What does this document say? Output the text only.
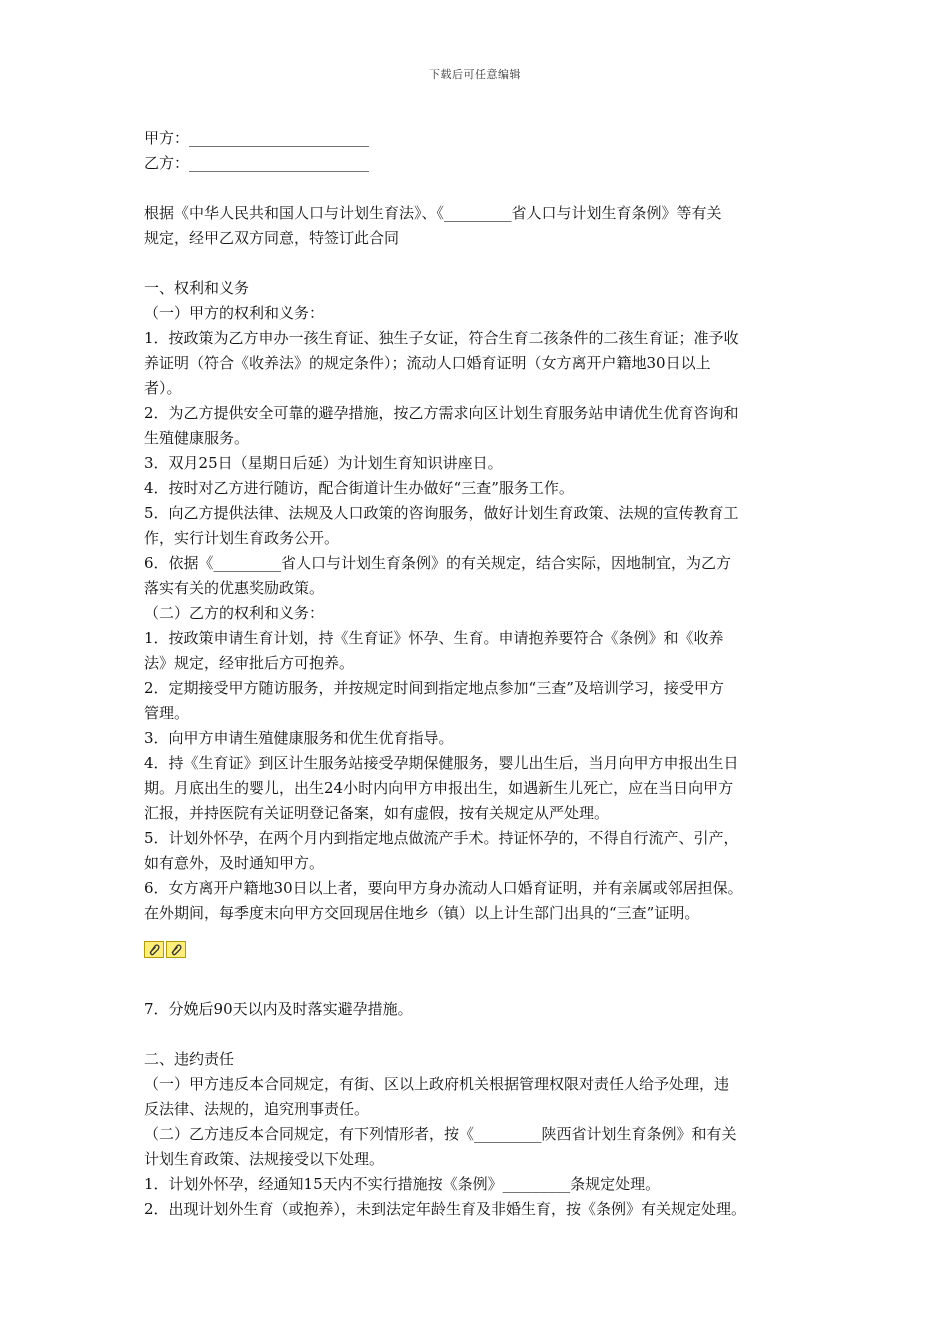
下载后可任意编辑

甲方：________________________

乙方：________________________

根据《中华人民共和国人口与计划生育法》、《_________省人口与计划生育条例》等有关

规定，经甲乙双方同意，特签订此合同

一、权利和义务

（一）甲方的权利和义务：

1．按政策为乙方申办一孩生育证、独生子女证，符合生育二孩条件的二孩生育证；准予收

养证明（符合《收养法》的规定条件）；流动人口婚育证明（女方离开户籍地30日以上

者）。

2．为乙方提供安全可靠的避孕措施，按乙方需求向区计划生育服务站申请优生优育咨询和

生殖健康服务。

3．双月25日（星期日后延）为计划生育知识讲座日。

4．按时对乙方进行随访，配合街道计生办做好“三查”服务工作。

5．向乙方提供法律、法规及人口政策的咨询服务，做好计划生育政策、法规的宣传教育工

作，实行计划生育政务公开。

6．依据《_________省人口与计划生育条例》的有关规定，结合实际，因地制宜，为乙方

落实有关的优惠奖励政策。

（二）乙方的权利和义务：

1．按政策申请生育计划，持《生育证》怀孕、生育。申请抱养要符合《条例》和《收养

法》规定，经审批后方可抱养。

2．定期接受甲方随访服务，并按规定时间到指定地点参加“三查”及培训学习，接受甲方

管理。

3．向甲方申请生殖健康服务和优生优育指导。

4．持《生育证》到区计生服务站接受孕期保健服务，婴儿出生后，当月向甲方申报出生日

期。月底出生的婴儿，出生24小时内向甲方申报出生，如遇新生儿死亡，应在当日向甲方

汇报，并持医院有关证明登记备案，如有虚假，按有关规定从严处理。

5．计划外怀孕，在两个月内到指定地点做流产手术。持证怀孕的，不得自行流产、引产，

如有意外，及时通知甲方。

6．女方离开户籍地30日以上者，要向甲方身办流动人口婚育证明，并有亲属或邻居担保。

在外期间，每季度末向甲方交回现居住地乡（镇）以上计生部门出具的“三查”证明。

7．分娩后90天以内及时落实避孕措施。

二、违约责任

（一）甲方违反本合同规定，有街、区以上政府机关根据管理权限对责任人给予处理，违

反法律、法规的，追究刑事责任。

（二）乙方违反本合同规定，有下列情形者，按《_________陕西省计划生育条例》和有关

计划生育政策、法规接受以下处理。

1．计划外怀孕，经通知15天内不实行措施按《条例》_________条规定处理。

2．出现计划外生育（或抱养），未到法定年龄生育及非婚生育，按《条例》有关规定处理。
